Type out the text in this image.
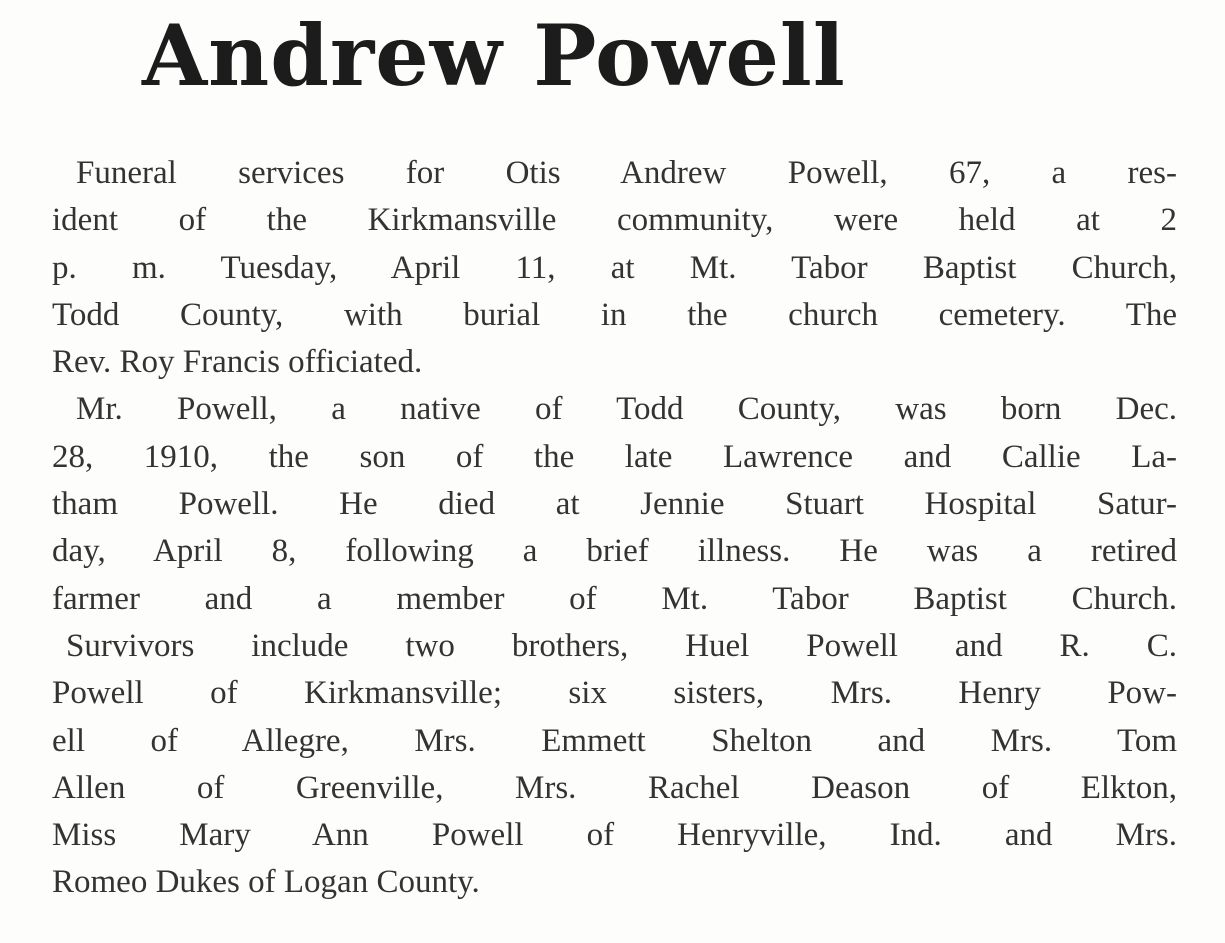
Andrew Powell
Funeral services for Otis Andrew Powell, 67, a res-
ident of the Kirkmansville community, were held at 2
p. m. Tuesday, April 11, at Mt. Tabor Baptist Church,
Todd County, with burial in the church cemetery. The
Rev. Roy Francis officiated.
Mr. Powell, a native of Todd County, was born Dec.
28, 1910, the son of the late Lawrence and Callie La-
tham Powell. He died at Jennie Stuart Hospital Satur-
day, April 8, following a brief illness. He was a retired
farmer and a member of Mt. Tabor Baptist Church.
Survivors include two brothers, Huel Powell and R. C.
Powell of Kirkmansville; six sisters, Mrs. Henry Pow-
ell of Allegre, Mrs. Emmett Shelton and Mrs. Tom
Allen of Greenville, Mrs. Rachel Deason of Elkton,
Miss Mary Ann Powell of Henryville, Ind. and Mrs.
Romeo Dukes of Logan County.
